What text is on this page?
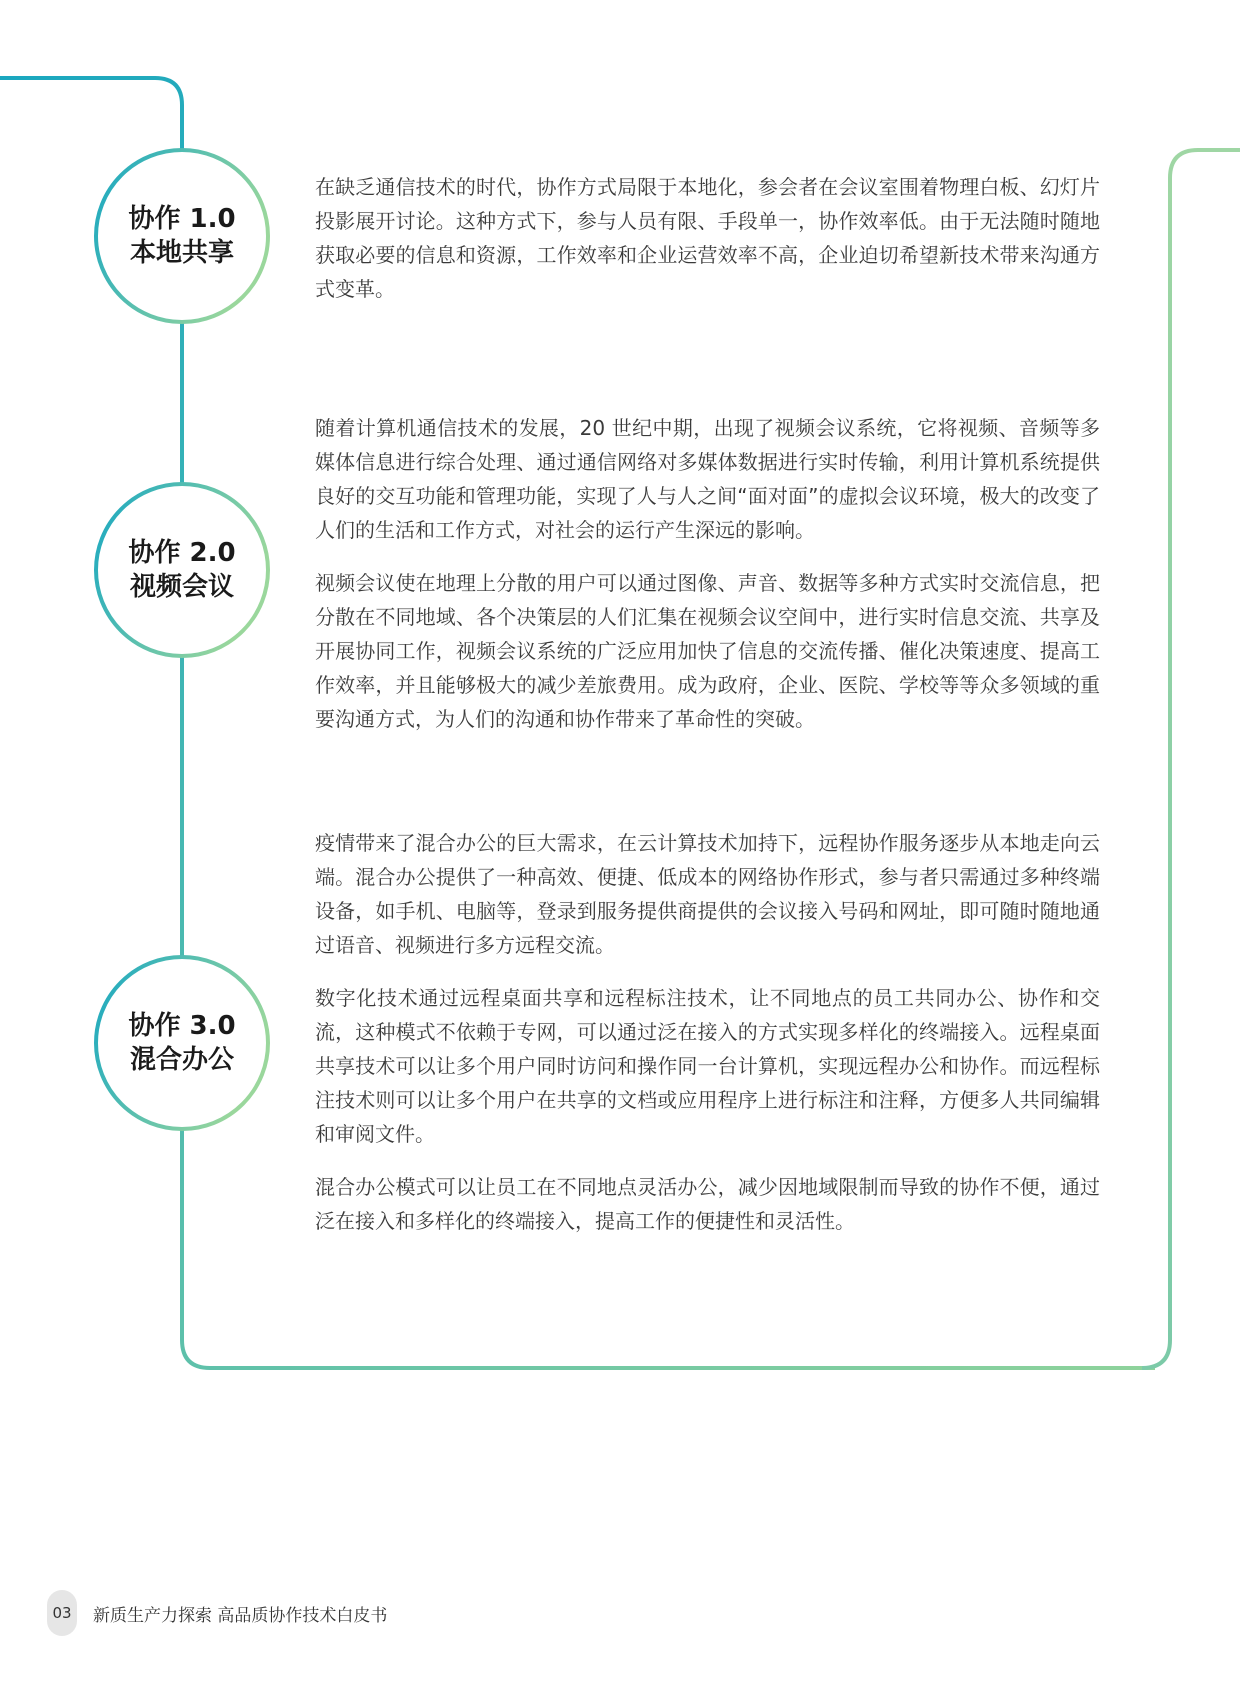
协作 1.0
本地共享
协作 2.0
视频会议
协作 3.0
混合办公

在缺乏通信技术的时代，协作方式局限于本地化，参会者在会议室围着物理白板、幻灯片投影展开讨论。这种方式下，参与人员有限、手段单一，协作效率低。由于无法随时随地获取必要的信息和资源，工作效率和企业运营效率不高，企业迫切希望新技术带来沟通方式变革。

随着计算机通信技术的发展，20 世纪中期，出现了视频会议系统，它将视频、音频等多媒体信息进行综合处理、通过通信网络对多媒体数据进行实时传输，利用计算机系统提供良好的交互功能和管理功能，实现了人与人之间“面对面”的虚拟会议环境，极大的改变了人们的生活和工作方式，对社会的运行产生深远的影响。

视频会议使在地理上分散的用户可以通过图像、声音、数据等多种方式实时交流信息，把分散在不同地域、各个决策层的人们汇集在视频会议空间中，进行实时信息交流、共享及开展协同工作，视频会议系统的广泛应用加快了信息的交流传播、催化决策速度、提高工作效率，并且能够极大的减少差旅费用。成为政府，企业、医院、学校等等众多领域的重要沟通方式，为人们的沟通和协作带来了革命性的突破。

疫情带来了混合办公的巨大需求，在云计算技术加持下，远程协作服务逐步从本地走向云端。混合办公提供了一种高效、便捷、低成本的网络协作形式，参与者只需通过多种终端设备，如手机、电脑等，登录到服务提供商提供的会议接入号码和网址，即可随时随地通过语音、视频进行多方远程交流。

数字化技术通过远程桌面共享和远程标注技术，让不同地点的员工共同办公、协作和交流，这种模式不依赖于专网，可以通过泛在接入的方式实现多样化的终端接入。远程桌面共享技术可以让多个用户同时访问和操作同一台计算机，实现远程办公和协作。而远程标注技术则可以让多个用户在共享的文档或应用程序上进行标注和注释，方便多人共同编辑和审阅文件。

混合办公模式可以让员工在不同地点灵活办公，减少因地域限制而导致的协作不便，通过泛在接入和多样化的终端接入，提高工作的便捷性和灵活性。

03	新质生产力探索 高品质协作技术白皮书
